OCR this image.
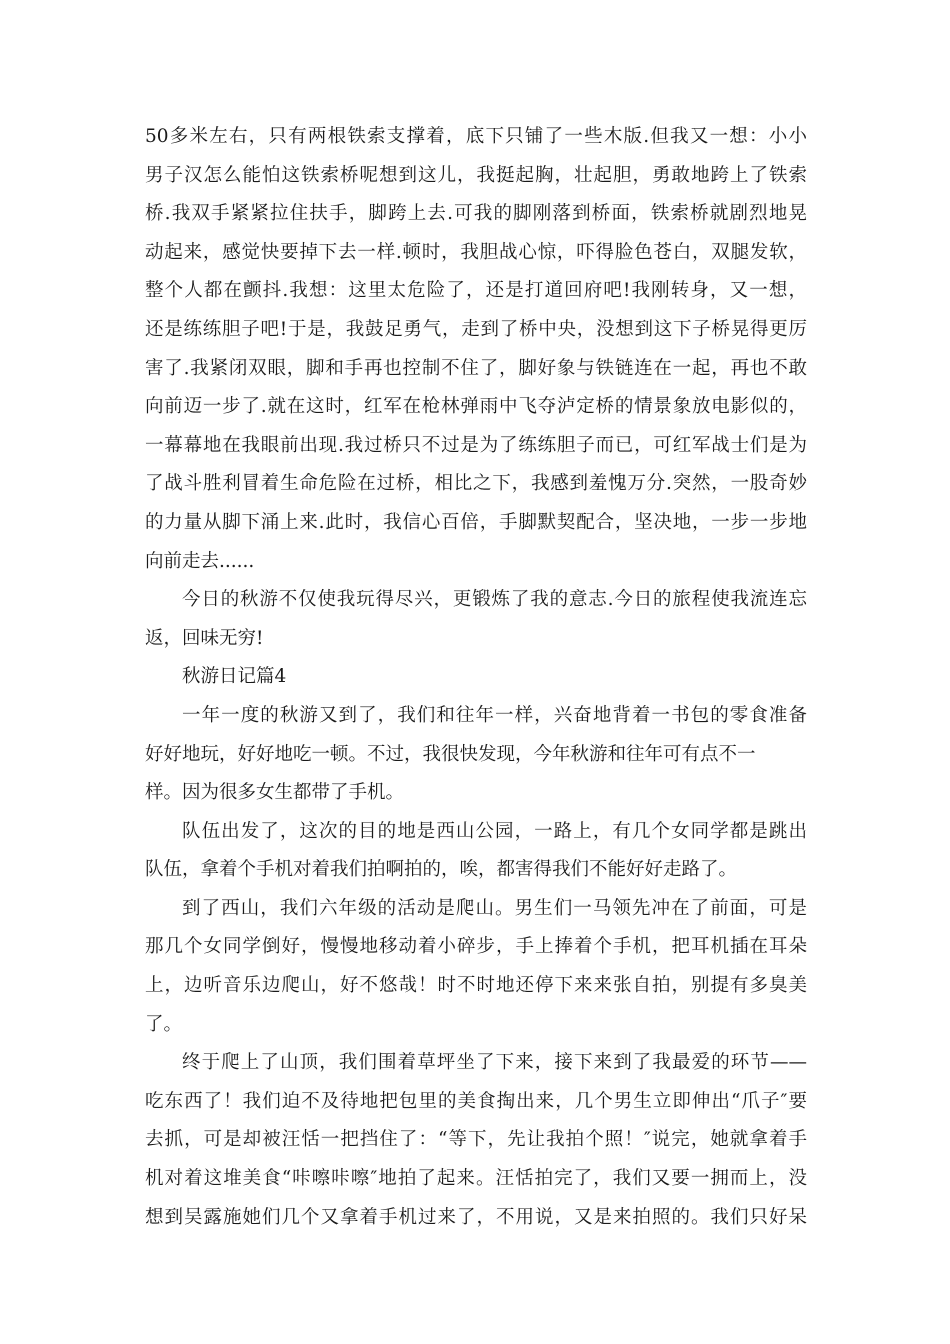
50多米左右，只有两根铁索支撑着，底下只铺了一些木版.但我又一想：小小
男子汉怎么能怕这铁索桥呢想到这儿，我挺起胸，壮起胆，勇敢地跨上了铁索
桥.我双手紧紧拉住扶手，脚跨上去.可我的脚刚落到桥面，铁索桥就剧烈地晃
动起来，感觉快要掉下去一样.顿时，我胆战心惊，吓得脸色苍白，双腿发软，
整个人都在颤抖.我想：这里太危险了，还是打道回府吧!我刚转身，又一想，
还是练练胆子吧!于是，我鼓足勇气，走到了桥中央，没想到这下子桥晃得更厉
害了.我紧闭双眼，脚和手再也控制不住了，脚好象与铁链连在一起，再也不敢
向前迈一步了.就在这时，红军在枪林弹雨中飞夺泸定桥的情景象放电影似的，
一幕幕地在我眼前出现.我过桥只不过是为了练练胆子而已，可红军战士们是为
了战斗胜利冒着生命危险在过桥，相比之下，我感到羞愧万分.突然，一股奇妙
的力量从脚下涌上来.此时，我信心百倍，手脚默契配合，坚决地，一步一步地
向前走去......
今日的秋游不仅使我玩得尽兴，更锻炼了我的意志.今日的旅程使我流连忘
返，回味无穷!
秋游日记篇4
一年一度的秋游又到了，我们和往年一样，兴奋地背着一书包的零食准备
好好地玩，好好地吃一顿。不过，我很快发现，今年秋游和往年可有点不一
样。因为很多女生都带了手机。
队伍出发了，这次的目的地是西山公园，一路上，有几个女同学都是跳出
队伍，拿着个手机对着我们拍啊拍的，唉，都害得我们不能好好走路了。
到了西山，我们六年级的活动是爬山。男生们一马领先冲在了前面，可是
那几个女同学倒好，慢慢地移动着小碎步，手上捧着个手机，把耳机插在耳朵
上，边听音乐边爬山，好不悠哉！时不时地还停下来来张自拍，别提有多臭美
了。
终于爬上了山顶，我们围着草坪坐了下来，接下来到了我最爱的环节——
吃东西了！我们迫不及待地把包里的美食掏出来，几个男生立即伸出“爪子″要
去抓，可是却被汪恬一把挡住了：“等下，先让我拍个照！″说完，她就拿着手
机对着这堆美食“咔嚓咔嚓″地拍了起来。汪恬拍完了，我们又要一拥而上，没
想到吴露施她们几个又拿着手机过来了，不用说，又是来拍照的。我们只好呆
